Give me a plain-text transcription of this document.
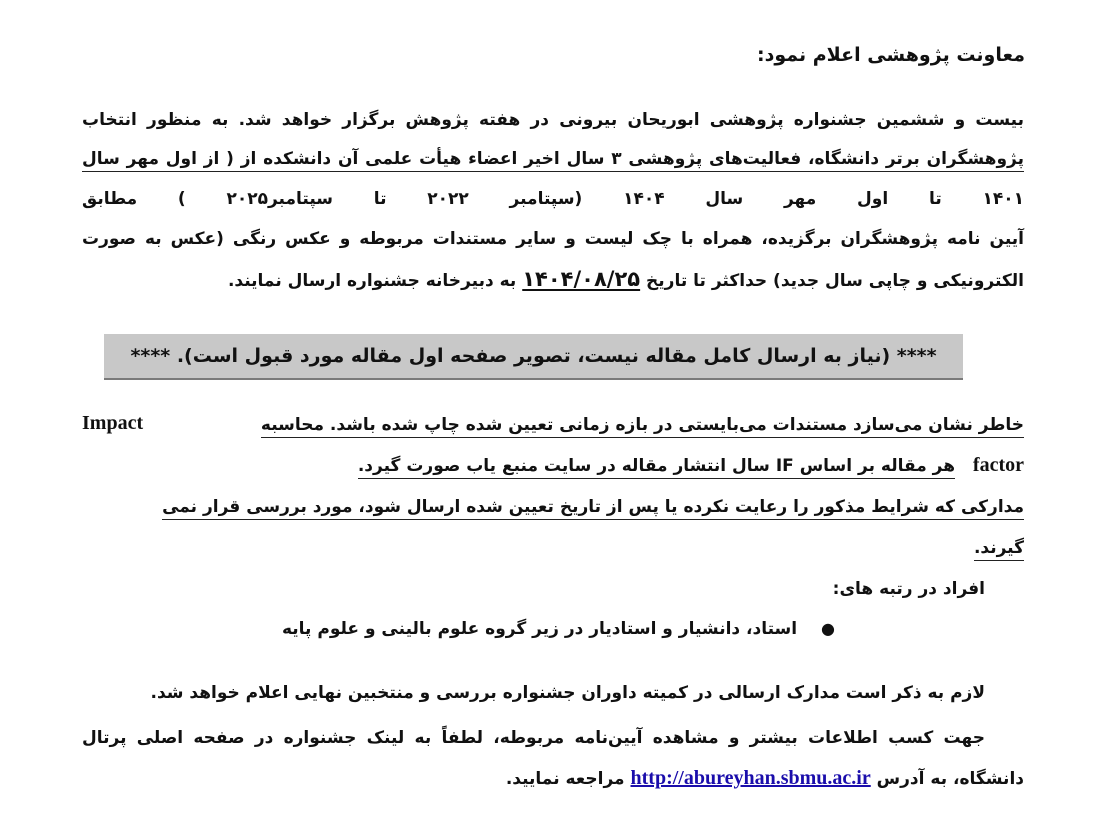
معاونت پژوهشی اعلام نمود:
بیست و ششمین جشنواره پژوهشی ابوریحان بیرونی در هفته پژوهش برگزار خواهد شد. به منظور انتخاب
پژوهشگران برتر دانشگاه، فعالیت‌های پژوهشی ۳ سال اخیر اعضاء هیأت علمی آن دانشکده از ( از اول مهر سال
۱۴۰۱ تا اول مهر سال ۱۴۰۴ (سپتامبر ۲۰۲۲ تا سپتامبر۲۰۲۵ ) مطابق
آیین نامه پژوهشگران برگزیده، همراه با چک لیست و سایر مستندات مربوطه و عکس رنگی (عکس به صورت
الکترونیکی و چاپی سال جدید) حداکثر تا تاریخ ۱۴۰۴/۰۸/۲۵ به دبیرخانه جشنواره ارسال نمایند.
**** (نیاز به ارسال کامل مقاله نیست، تصویر صفحه اول مقاله مورد قبول است). ****
خاطر نشان می‌سازد مستندات می‌بایستی در بازه زمانی تعیین شده چاپ شده باشد. محاسبه
Impact
factor
هر مقاله بر اساس IF سال انتشار مقاله در سایت منبع یاب صورت گیرد.
مدارکی که شرایط مذکور را رعایت نکرده یا پس از تاریخ تعیین شده ارسال شود، مورد بررسی قرار نمی
گیرند.
افراد در رتبه های:
● استاد، دانشیار و استادیار در زیر گروه علوم بالینی و علوم پایه
لازم به ذکر است مدارک ارسالی در کمیته داوران جشنواره بررسی و منتخبین نهایی اعلام خواهد شد.
جهت کسب اطلاعات بیشتر و مشاهده آیین‌نامه مربوطه، لطفاً به لینک جشنواره در صفحه اصلی پرتال
دانشگاه، به آدرس http://abureyhan.sbmu.ac.ir مراجعه نمایید.
